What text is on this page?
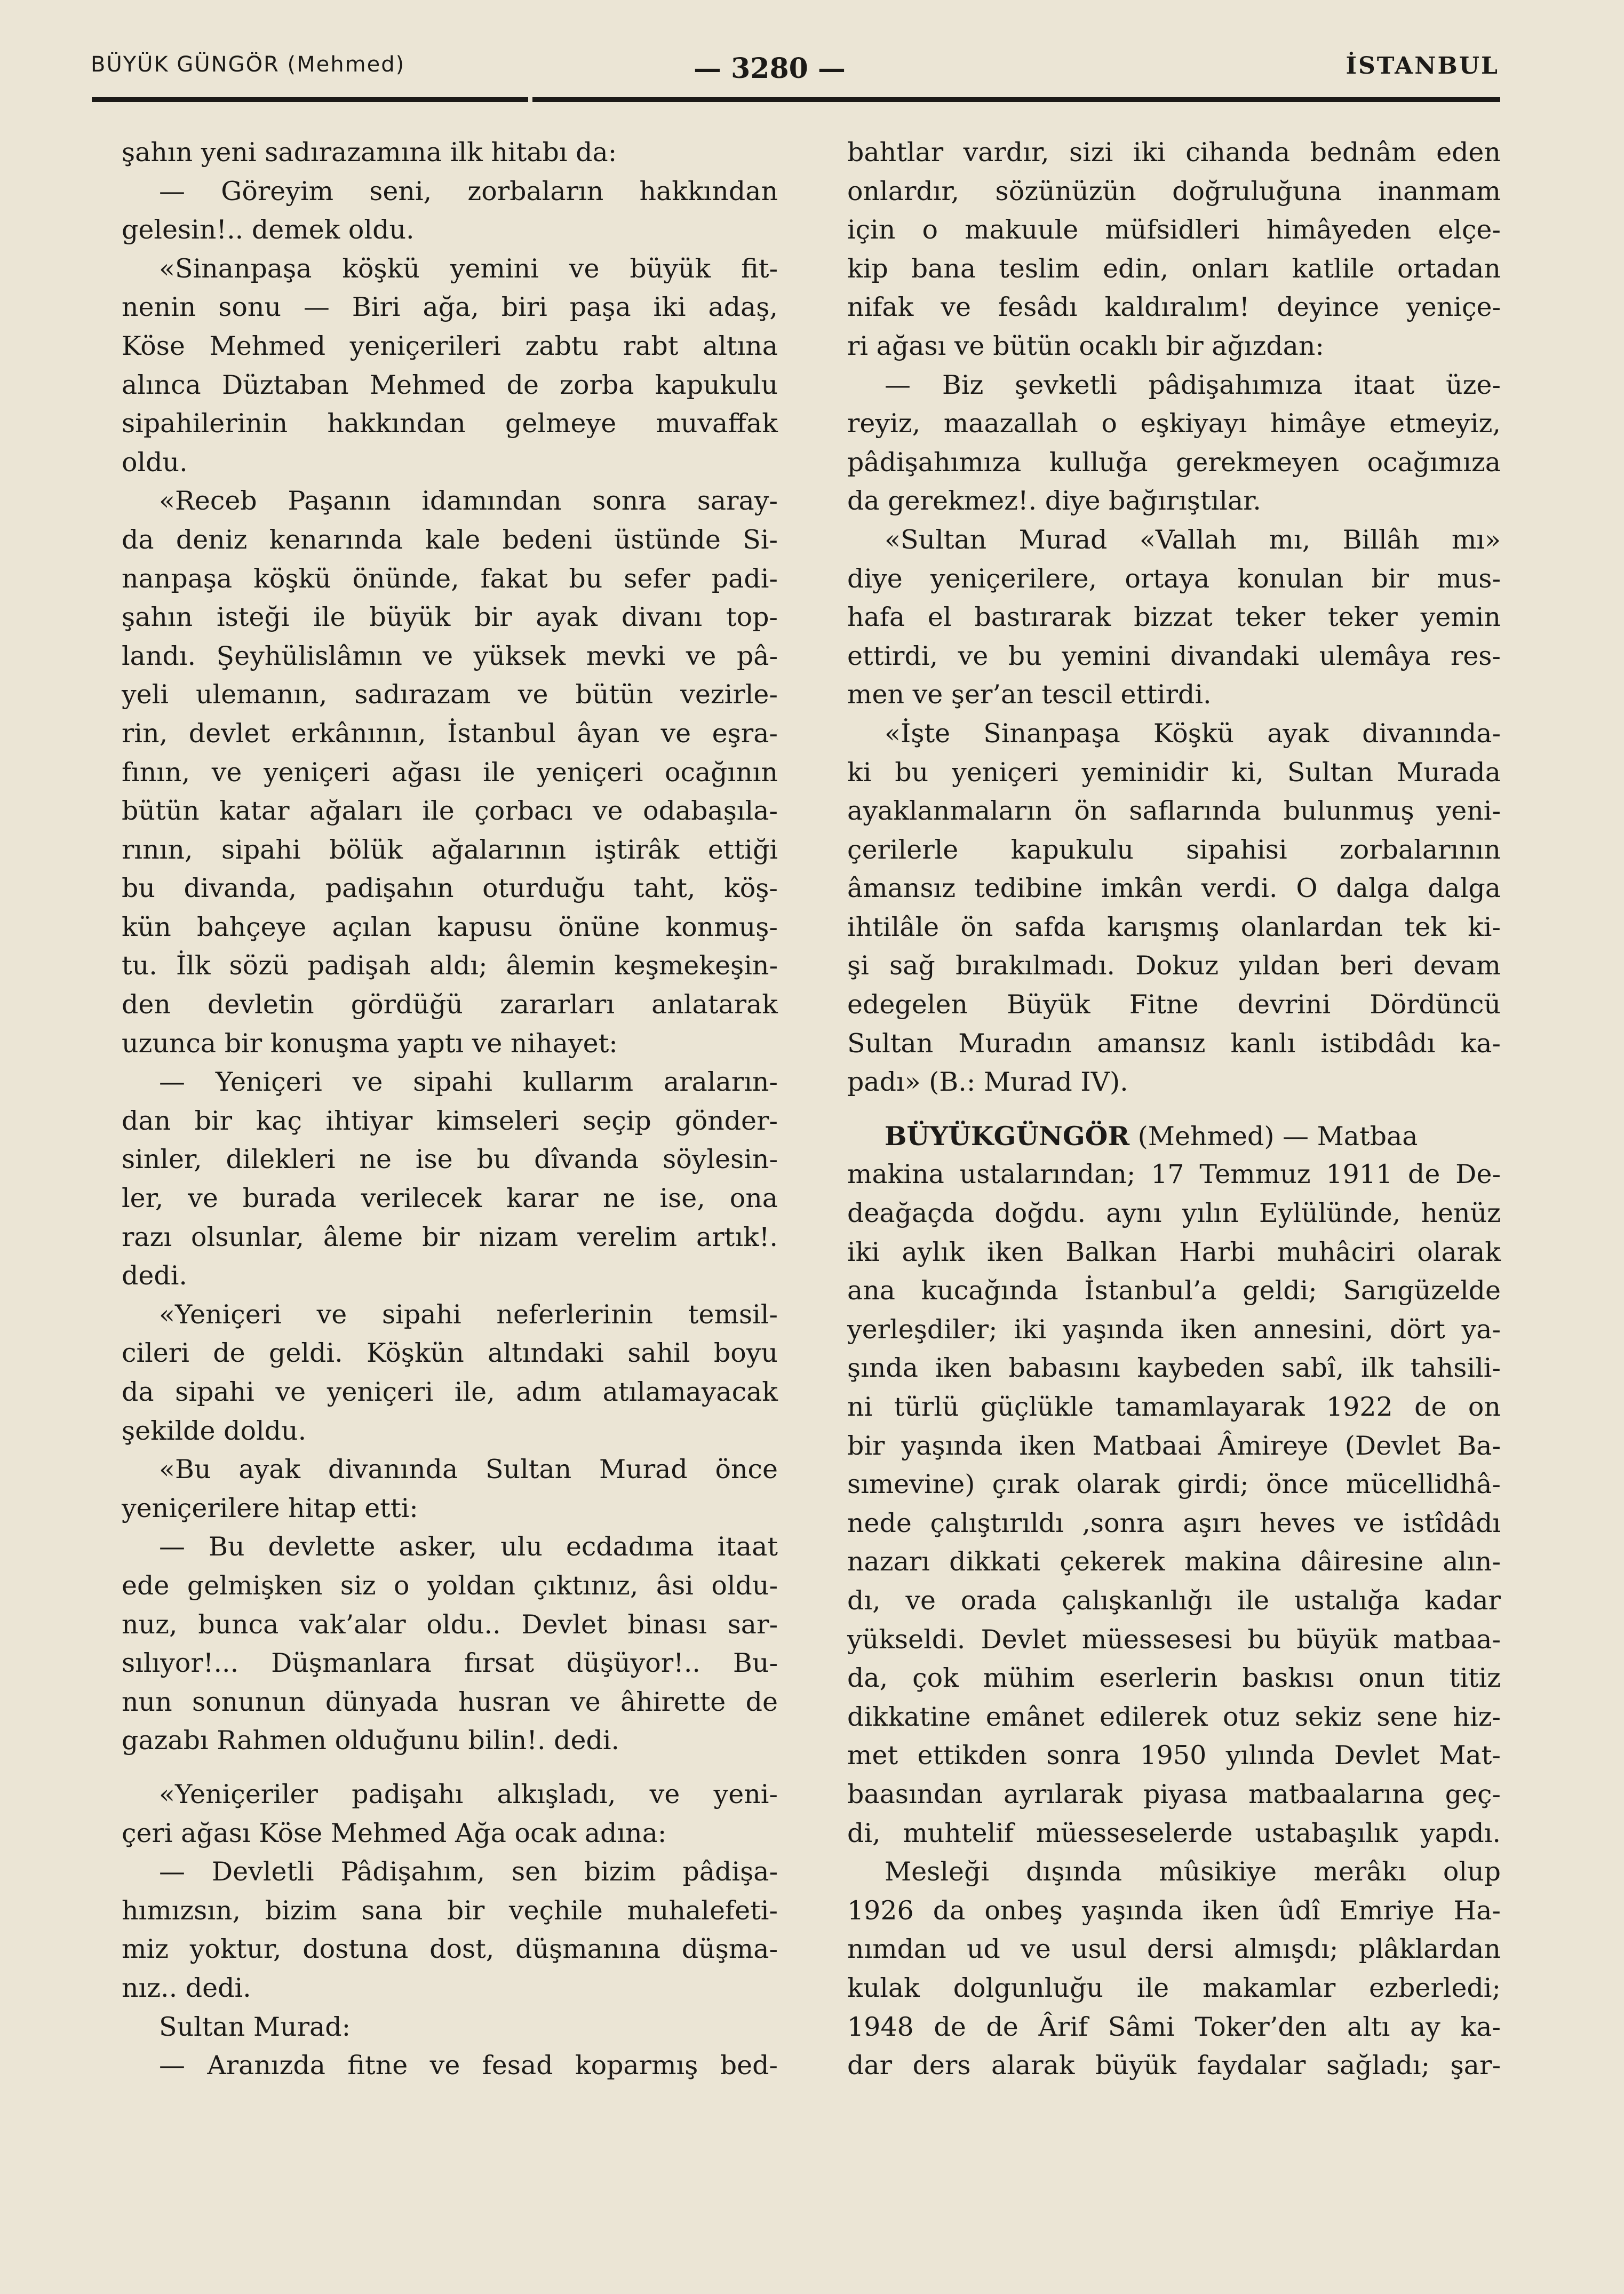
BÜYÜK GÜNGÖR (Mehmed)	— 3280 —	İSTANBUL
şahın yeni sadırazamına ilk hitabı da:
— Göreyim seni, zorbaların hakkından
gelesin!.. demek oldu.
«Sinanpaşa köşkü yemini ve büyük fit-
nenin sonu — Biri ağa, biri paşa iki adaş,
Köse Mehmed yeniçerileri zabtu rabt altına
alınca Düztaban Mehmed de zorba kapukulu
sipahilerinin hakkından gelmeye muvaffak
oldu.
«Receb Paşanın idamından sonra saray-
da deniz kenarında kale bedeni üstünde Si-
nanpaşa köşkü önünde, fakat bu sefer padi-
şahın isteği ile büyük bir ayak divanı top-
landı. Şeyhülislâmın ve yüksek mevki ve pâ-
yeli ulemanın, sadırazam ve bütün vezirle-
rin, devlet erkânının, İstanbul âyan ve eşra-
fının, ve yeniçeri ağası ile yeniçeri ocağının
bütün katar ağaları ile çorbacı ve odabaşıla-
rının, sipahi bölük ağalarının iştirâk ettiği
bu divanda, padişahın oturduğu taht, köş-
kün bahçeye açılan kapusu önüne konmuş-
tu. İlk sözü padişah aldı; âlemin keşmekeşin-
den devletin gördüğü zararları anlatarak
uzunca bir konuşma yaptı ve nihayet:
— Yeniçeri ve sipahi kullarım araların-
dan bir kaç ihtiyar kimseleri seçip gönder-
sinler, dilekleri ne ise bu dîvanda söylesin-
ler, ve burada verilecek karar ne ise, ona
razı olsunlar, âleme bir nizam verelim artık!.
dedi.
«Yeniçeri ve sipahi neferlerinin temsil-
cileri de geldi. Köşkün altındaki sahil boyu
da sipahi ve yeniçeri ile, adım atılamayacak
şekilde doldu.
«Bu ayak divanında Sultan Murad önce
yeniçerilere hitap etti:
— Bu devlette asker, ulu ecdadıma itaat
ede gelmişken siz o yoldan çıktınız, âsi oldu-
nuz, bunca vak’alar oldu.. Devlet binası sar-
sılıyor!... Düşmanlara fırsat düşüyor!.. Bu-
nun sonunun dünyada husran ve âhirette de
gazabı Rahmen olduğunu bilin!. dedi.
«Yeniçeriler padişahı alkışladı, ve yeni-
çeri ağası Köse Mehmed Ağa ocak adına:
— Devletli Pâdişahım, sen bizim pâdişa-
hımızsın, bizim sana bir veçhile muhalefeti-
miz yoktur, dostuna dost, düşmanına düşma-
nız.. dedi.
Sultan Murad:
— Aranızda fitne ve fesad koparmış bed-
bahtlar vardır, sizi iki cihanda bednâm eden
onlardır, sözünüzün doğruluğuna inanmam
için o makuule müfsidleri himâyeden elçe-
kip bana teslim edin, onları katlile ortadan
nifak ve fesâdı kaldıralım! deyince yeniçe-
ri ağası ve bütün ocaklı bir ağızdan:
— Biz şevketli pâdişahımıza itaat üze-
reyiz, maazallah o eşkiyayı himâye etmeyiz,
pâdişahımıza kulluğa gerekmeyen ocağımıza
da gerekmez!. diye bağırıştılar.
«Sultan Murad «Vallah mı, Billâh mı»
diye yeniçerilere, ortaya konulan bir mus-
hafa el bastırarak bizzat teker teker yemin
ettirdi, ve bu yemini divandaki ulemâya res-
men ve şer’an tescil ettirdi.
«İşte Sinanpaşa Köşkü ayak divanında-
ki bu yeniçeri yeminidir ki, Sultan Murada
ayaklanmaların ön saflarında bulunmuş yeni-
çerilerle kapukulu sipahisi zorbalarının
âmansız tedibine imkân verdi. O dalga dalga
ihtilâle ön safda karışmış olanlardan tek ki-
şi sağ bırakılmadı. Dokuz yıldan beri devam
edegelen Büyük Fitne devrini Dördüncü
Sultan Muradın amansız kanlı istibdâdı ka-
padı» (B.: Murad IV).
BÜYÜKGÜNGÖR (Mehmed) — Matbaa
makina ustalarından; 17 Temmuz 1911 de De-
deağaçda doğdu. aynı yılın Eylülünde, henüz
iki aylık iken Balkan Harbi muhâciri olarak
ana kucağında İstanbul’a geldi; Sarıgüzelde
yerleşdiler; iki yaşında iken annesini, dört ya-
şında iken babasını kaybeden sabî, ilk tahsili-
ni türlü güçlükle tamamlayarak 1922 de on
bir yaşında iken Matbaai Âmireye (Devlet Ba-
sımevine) çırak olarak girdi; önce mücellidhâ-
nede çalıştırıldı ,sonra aşırı heves ve istîdâdı
nazarı dikkati çekerek makina dâiresine alın-
dı, ve orada çalışkanlığı ile ustalığa kadar
yükseldi. Devlet müessesesi bu büyük matbaa-
da, çok mühim eserlerin baskısı onun titiz
dikkatine emânet edilerek otuz sekiz sene hiz-
met ettikden sonra 1950 yılında Devlet Mat-
baasından ayrılarak piyasa matbaalarına geç-
di, muhtelif müesseselerde ustabaşılık yapdı.
Mesleği dışında mûsikiye merâkı olup
1926 da onbeş yaşında iken ûdî Emriye Ha-
nımdan ud ve usul dersi almışdı; plâklardan
kulak dolgunluğu ile makamlar ezberledi;
1948 de de Ârif Sâmi Toker’den altı ay ka-
dar ders alarak büyük faydalar sağladı; şar-
